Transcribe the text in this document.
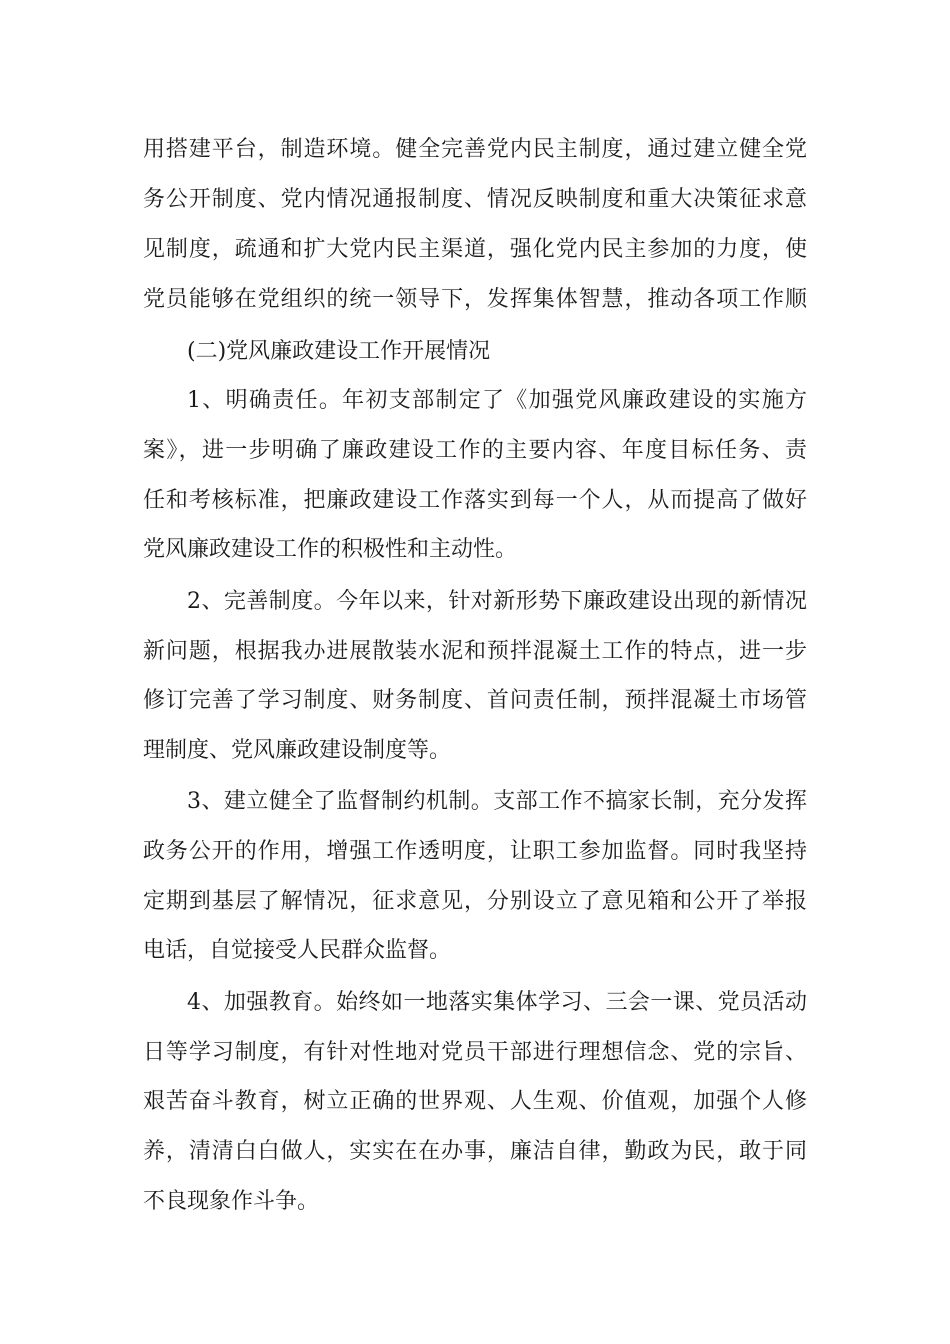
用搭建平台，制造环境。健全完善党内民主制度，通过建立健全党
务公开制度、党内情况通报制度、情况反映制度和重大决策征求意
见制度，疏通和扩大党内民主渠道，强化党内民主参加的力度，使
党员能够在党组织的统一领导下，发挥集体智慧，推动各项工作顺
(二)党风廉政建设工作开展情况
1、明确责任。年初支部制定了《加强党风廉政建设的实施方
案》，进一步明确了廉政建设工作的主要内容、年度目标任务、责
任和考核标准，把廉政建设工作落实到每一个人，从而提高了做好
党风廉政建设工作的积极性和主动性。
2、完善制度。今年以来，针对新形势下廉政建设出现的新情况
新问题，根据我办进展散装水泥和预拌混凝土工作的特点，进一步
修订完善了学习制度、财务制度、首问责任制，预拌混凝土市场管
理制度、党风廉政建设制度等。
3、建立健全了监督制约机制。支部工作不搞家长制，充分发挥
政务公开的作用，增强工作透明度，让职工参加监督。同时我坚持
定期到基层了解情况，征求意见，分别设立了意见箱和公开了举报
电话，自觉接受人民群众监督。
4、加强教育。始终如一地落实集体学习、三会一课、党员活动
日等学习制度，有针对性地对党员干部进行理想信念、党的宗旨、
艰苦奋斗教育，树立正确的世界观、人生观、价值观，加强个人修
养，清清白白做人，实实在在办事，廉洁自律，勤政为民，敢于同
不良现象作斗争。
